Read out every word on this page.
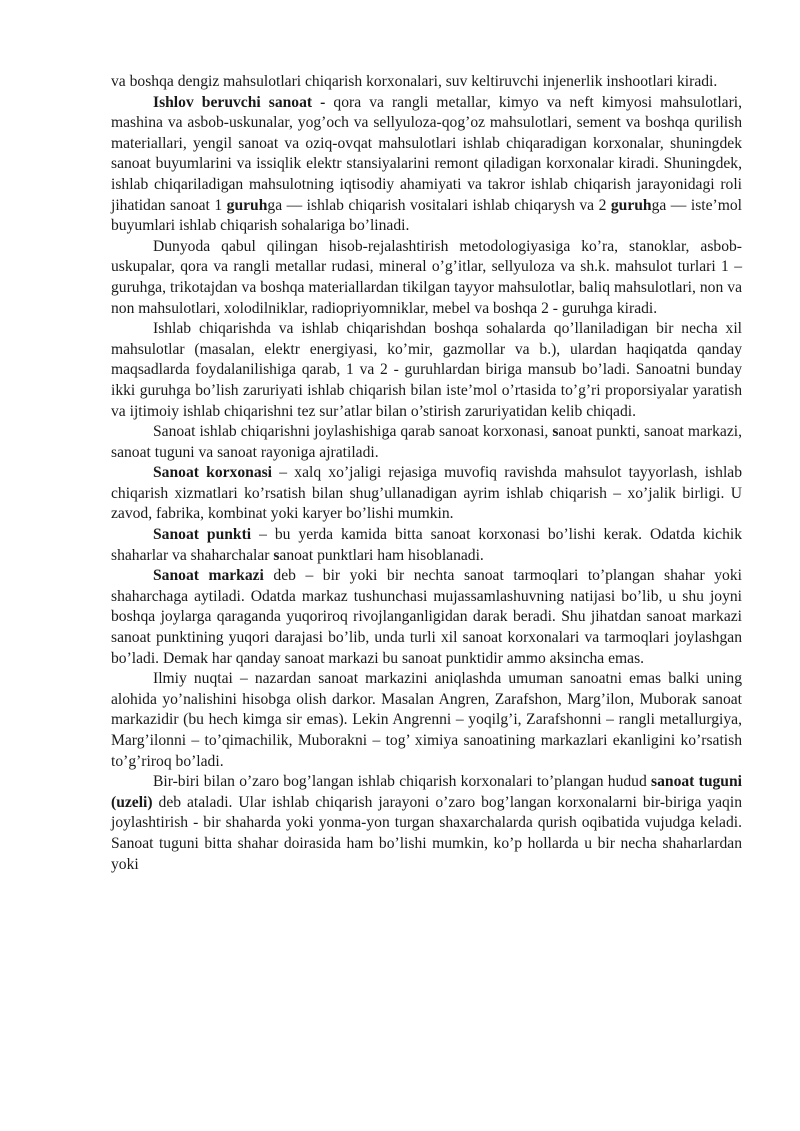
va boshqa dengiz mahsulotlari chiqarish korxonalari, suv keltiruvchi injenerlik inshootlari kiradi.

Ishlov beruvchi sanoat - qora va rangli metallar, kimyo va neft kimyosi mahsulotlari, mashina va asbob-uskunalar, yog’och va sellyuloza-qog’oz mahsulotlari, sement va boshqa qurilish materiallari, yengil sanoat va oziq-ovqat mahsulotlari ishlab chiqaradigan korxonalar, shuningdek sanoat buyumlarini va issiqlik elektr stansiyalarini remont qiladigan korxonalar kiradi. Shuningdek, ishlab chiqariladigan mahsulotning iqtisodiy ahamiyati va takror ishlab chiqarish jarayonidagi roli jihatidan sanoat 1 guruhga — ishlab chiqarish vositalari ishlab chiqarysh va 2 guruhga — iste’mol buyumlari ishlab chiqarish sohalariga bo’linadi.

Dunyoda qabul qilingan hisob-rejalashtirish metodologiyasiga ko’ra, stanoklar, asbob-uskupalar, qora va rangli metallar rudasi, mineral o’g’itlar, sellyuloza va sh.k. mahsulot turlari 1 – guruhga, trikotajdan va boshqa materiallardan tikilgan tayyor mahsulotlar, baliq mahsulotlari, non va non mahsulotlari, xolodilniklar, radiopriyomniklar, mebel va boshqa 2 - guruhga kiradi.

Ishlab chiqarishda va ishlab chiqarishdan boshqa sohalarda qo’llaniladigan bir necha xil mahsulotlar (masalan, elektr energiyasi, ko’mir, gazmollar va b.), ulardan haqiqatda qanday maqsadlarda foydalanilishiga qarab, 1 va 2 - guruhlardan biriga mansub bo’ladi. Sanoatni bunday ikki guruhga bo’lish zaruriyati ishlab chiqarish bilan iste’mol o’rtasida to’g’ri proporsiyalar yaratish va ijtimoiy ishlab chiqarishni tez sur’atlar bilan o’stirish zaruriyatidan kelib chiqadi.

Sanoat ishlab chiqarishni joylashishiga qarab sanoat korxonasi, sanoat punkti, sanoat markazi, sanoat tuguni va sanoat rayoniga ajratiladi.

Sanoat korxonasi – xalq xo’jaligi rejasiga muvofiq ravishda mahsulot tayyorlash, ishlab chiqarish xizmatlari ko’rsatish bilan shug’ullanadigan ayrim ishlab chiqarish – xo’jalik birligi. U zavod, fabrika, kombinat yoki karyer bo’lishi mumkin.

Sanoat punkti – bu yerda kamida bitta sanoat korxonasi bo’lishi kerak. Odatda kichik shaharlar va shaharchalar sanoat punktlari ham hisoblanadi.

Sanoat markazi deb – bir yoki bir nechta sanoat tarmoqlari to’plangan shahar yoki shaharchaga aytiladi. Odatda markaz tushunchasi mujassamlashuvning natijasi bo’lib, u shu joyni boshqa joylarga qaraganda yuqoriroq rivojlanganligidan darak beradi. Shu jihatdan sanoat markazi sanoat punktining yuqori darajasi bo’lib, unda turli xil sanoat korxonalari va tarmoqlari joylashgan bo’ladi. Demak har qanday sanoat markazi bu sanoat punktidir ammo aksincha emas.

Ilmiy nuqtai – nazardan sanoat markazini aniqlashda umuman sanoatni emas balki uning alohida yo’nalishini hisobga olish darkor. Masalan Angren, Zarafshon, Marg’ilon, Muborak sanoat markazidir (bu hech kimga sir emas). Lekin Angrenni – yoqilg’i, Zarafshonni – rangli metallurgiya, Marg’ilonni – to’qimachilik, Muborakni – tog’ ximiya sanoatining markazlari ekanligini ko’rsatish to’g’riroq bo’ladi.

Bir-biri bilan o’zaro bog’langan ishlab chiqarish korxonalari to’plangan hudud sanoat tuguni (uzeli) deb ataladi. Ular ishlab chiqarish jarayoni o’zaro bog’langan korxonalarni bir-biriga yaqin joylashtirish - bir shaharda yoki yonma-yon turgan shaxarchalarda qurish oqibatida vujudga keladi. Sanoat tuguni bitta shahar doirasida ham bo’lishi mumkin, ko’p hollarda u bir necha shaharlardan yoki
